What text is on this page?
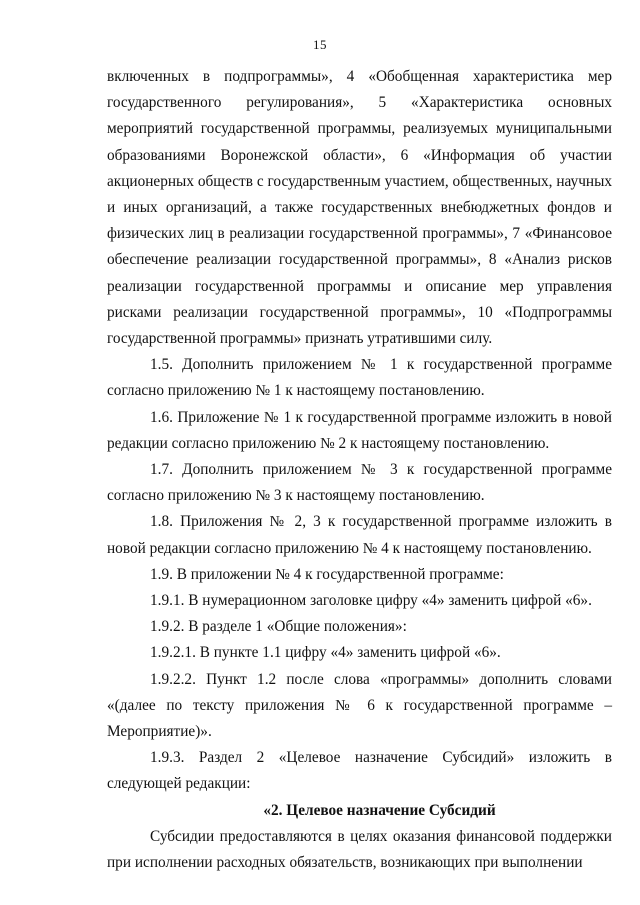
15

включенных в подпрограммы», 4 «Обобщенная характеристика мер государственного регулирования», 5 «Характеристика основных мероприятий государственной программы, реализуемых муниципальными образованиями Воронежской области», 6 «Информация об участии акционерных обществ с государственным участием, общественных, научных и иных организаций, а также государственных внебюджетных фондов и физических лиц в реализации государственной программы», 7 «Финансовое обеспечение реализации государственной программы», 8 «Анализ рисков реализации государственной программы и описание мер управления рисками реализации государственной программы», 10 «Подпрограммы государственной программы» признать утратившими силу.

1.5. Дополнить приложением № 1 к государственной программе согласно приложению № 1 к настоящему постановлению.

1.6. Приложение № 1 к государственной программе изложить в новой редакции согласно приложению № 2 к настоящему постановлению.

1.7. Дополнить приложением № 3 к государственной программе согласно приложению № 3 к настоящему постановлению.

1.8. Приложения № 2, 3 к государственной программе изложить в новой редакции согласно приложению № 4 к настоящему постановлению.

1.9. В приложении № 4 к государственной программе:

1.9.1. В нумерационном заголовке цифру «4» заменить цифрой «6».

1.9.2. В разделе 1 «Общие положения»:

1.9.2.1. В пункте 1.1 цифру «4» заменить цифрой «6».

1.9.2.2. Пункт 1.2 после слова «программы» дополнить словами «(далее по тексту приложения № 6 к государственной программе – Мероприятие)».

1.9.3. Раздел 2 «Целевое назначение Субсидий» изложить в следующей редакции:

«2. Целевое назначение Субсидий

Субсидии предоставляются в целях оказания финансовой поддержки при исполнении расходных обязательств, возникающих при выполнении
